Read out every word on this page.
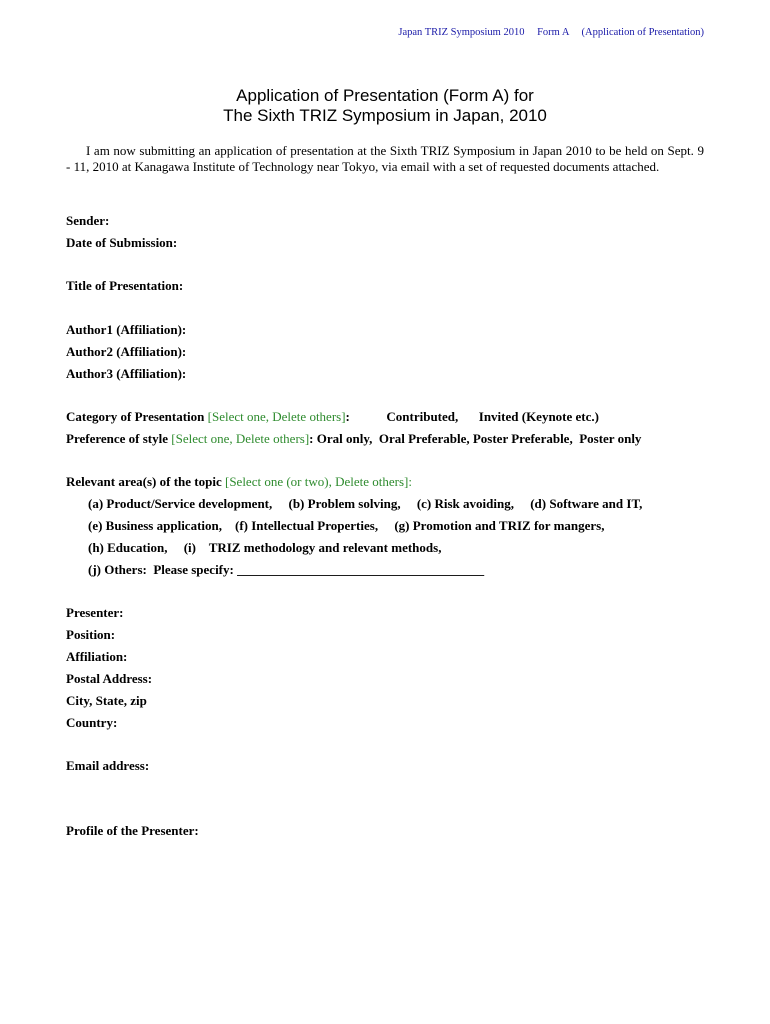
Japan TRIZ Symposium 2010 Form A (Application of Presentation)
Application of Presentation (Form A) for
The Sixth TRIZ Symposium in Japan, 2010
I am now submitting an application of presentation at the Sixth TRIZ Symposium in Japan 2010 to be held on Sept. 9 - 11, 2010 at Kanagawa Institute of Technology near Tokyo, via email with a set of requested documents attached.
Sender:
Date of Submission:
Title of Presentation:
Author1 (Affiliation):
Author2 (Affiliation):
Author3 (Affiliation):
Category of Presentation [Select one, Delete others]:	Contributed, Invited (Keynote etc.)
Preference of style [Select one, Delete others]: Oral only,  Oral Preferable, Poster Preferable,  Poster only
Relevant area(s) of the topic [Select one (or two), Delete others]:
(a) Product/Service development,     (b) Problem solving,     (c) Risk avoiding,     (d) Software and IT,
(e) Business application,    (f) Intellectual Properties,     (g) Promotion and TRIZ for mangers,
(h) Education,     (i)    TRIZ methodology and relevant methods,
(j) Others:  Please specify: ______________________________________
Presenter:
Position:
Affiliation:
Postal Address:
City, State, zip
Country:
Email address:
Profile of the Presenter:
